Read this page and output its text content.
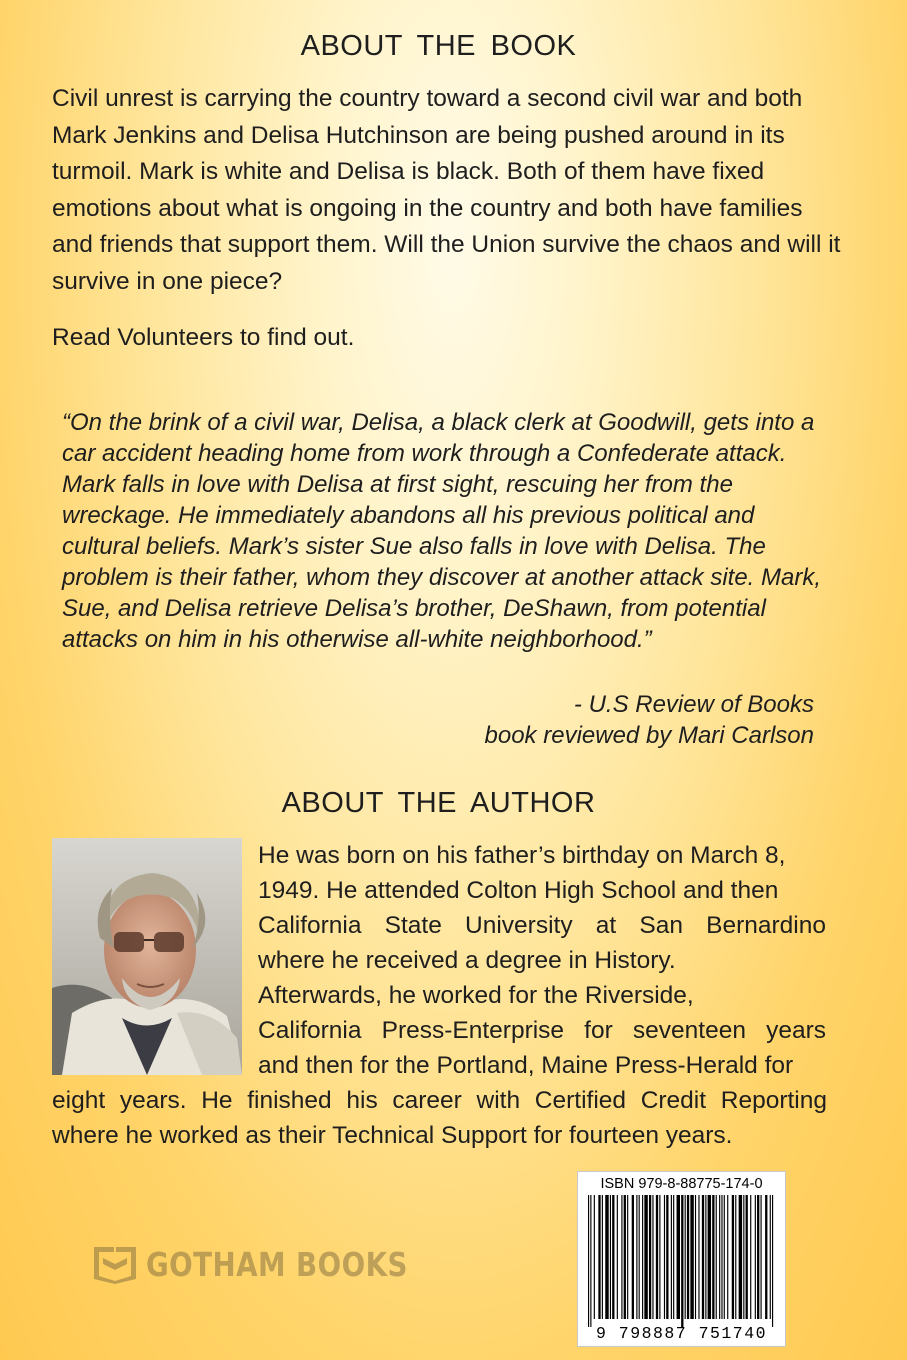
ABOUT THE BOOK
Civil unrest is carrying the country toward a second civil war and both Mark Jenkins and Delisa Hutchinson are being pushed around in its turmoil. Mark is white and Delisa is black. Both of them have fixed emotions about what is ongoing in the country and both have families and friends that support them. Will the Union survive the chaos and will it survive in one piece?
Read Volunteers to find out.
“On the brink of a civil war, Delisa, a black clerk at Goodwill, gets into a car accident heading home from work through a Confederate attack. Mark falls in love with Delisa at first sight, rescuing her from the wreckage. He immediately abandons all his previous political and cultural beliefs. Mark’s sister Sue also falls in love with Delisa. The problem is their father, whom they discover at another attack site. Mark, Sue, and Delisa retrieve Delisa’s brother, DeShawn, from potential attacks on him in his otherwise all-white neighborhood.”
- U.S Review of Books
book reviewed by Mari Carlson
ABOUT THE AUTHOR
He was born on his father’s birthday on March 8,
1949. He attended Colton High School and then
California State University at San Bernardino
where he received a degree in History.
Afterwards, he worked for the Riverside,
California Press-Enterprise for seventeen years
and then for the Portland, Maine Press-Herald for
eight years. He finished his career with Certified Credit Reporting
where he worked as their Technical Support for fourteen years.
GOTHAM BOOKS
ISBN 979-8-88775-174-0
9 798887 751740
